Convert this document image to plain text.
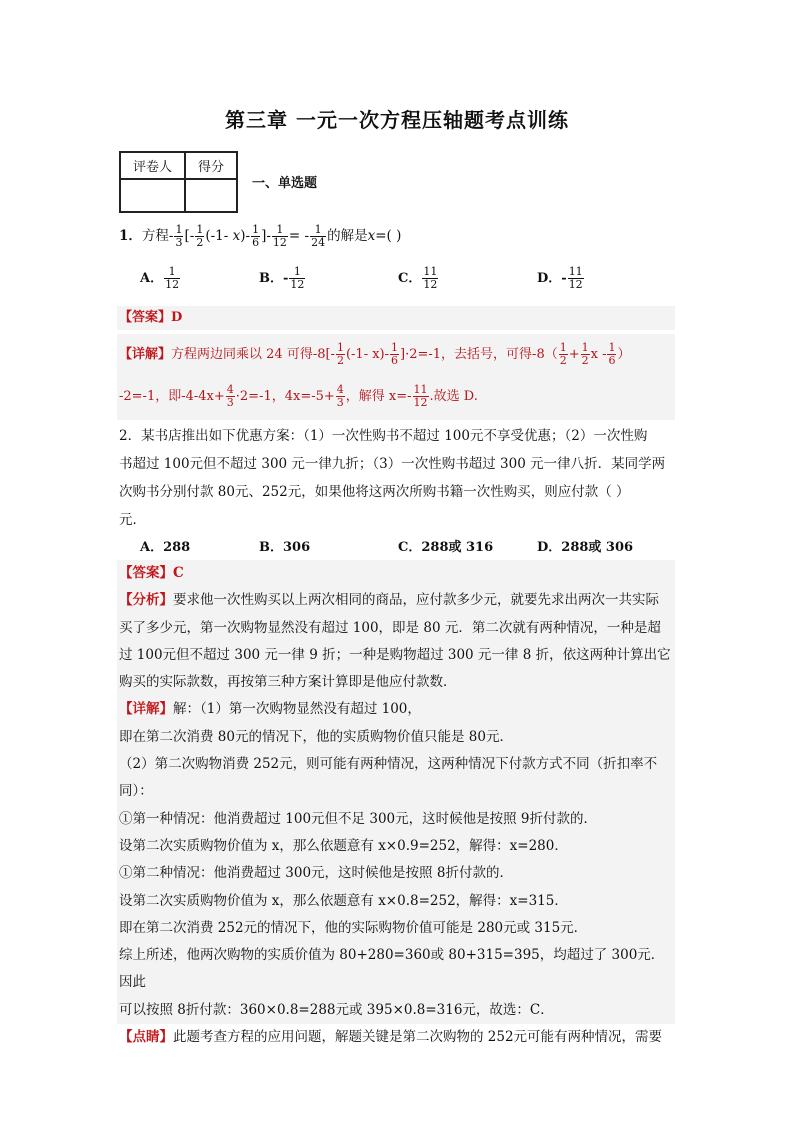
第三章 一元一次方程压轴题考点训练
评卷人	得分

一、单选题
1．方程- $\frac{1}{3}$ [- $\frac{1}{2} (-1-$ $x)- \frac{1}{6}$ ]- $\frac{1}{12}$ = - $\frac{1}{24}$ 的解是x=( )
A． $\frac{1}{12}$	B．- $\frac{1}{12}$	C． $\frac{11}{12}$	D．- $\frac{11}{12}$
【答案】D
【详解】方程两边同乘以 24 可得$-8[- \frac{1}{2} (-1-$ $x)- \frac{1}{6} ]\cdot 2=-1$，去括号，可得$-8( \frac{1}{2} + \frac{1}{2}$ x - $\frac{1}{6}$ ）
-2=-1，即$-4-4x+ \frac{4}{3} \cdot 2=-1$，$4x=-5+ \frac{4}{3}$ ，解得 $x=- \frac{11}{12}$ .故选 D.
2．某书店推出如下优惠方案：（1）一次性购书不超过 100元不享受优惠；（2）一次性购
书超过 100元但不超过 300 元一律九折；（3）一次性购书超过 300 元一律八折．某同学两
次购书分别付款 80元、252元，如果他将这两次所购书籍一次性购买，则应付款（ ）
元．
A．288	B．306	C．288或 316	D．288或 306
【答案】C
【分析】要求他一次性购买以上两次相同的商品，应付款多少元，就要先求出两次一共实际
买了多少元，第一次购物显然没有超过 100，即是 80 元．第二次就有两种情况，一种是超
过 100元但不超过 300 元一律 9 折；一种是购物超过 300 元一律 8 折，依这两种计算出它
购买的实际款数，再按第三种方案计算即是他应付款数．
【详解】解：（1）第一次购物显然没有超过 100，
即在第二次消费 80元的情况下，他的实质购物价值只能是 80元．
（2）第二次购物消费 252元，则可能有两种情况，这两种情况下付款方式不同（折扣率不
同）：
①第一种情况：他消费超过 100元但不足 300元，这时候他是按照 9折付款的．
设第二次实质购物价值为 x，那么依题意有 x×0.9=252，解得：x=280．
①第二种情况：他消费超过 300元，这时候他是按照 8折付款的．
设第二次实质购物价值为 x，那么依题意有 x×0.8=252，解得：x=315．
即在第二次消费 252元的情况下，他的实际购物价值可能是 280元或 315元．
综上所述，他两次购物的实质价值为 80+280=360或 80+315=395，均超过了 300元．因此
可以按照 8折付款：360×0.8=288元或 395×0.8=316元，故选：C．
【点睛】此题考查方程的应用问题，解题关键是第二次购物的 252元可能有两种情况，需要
